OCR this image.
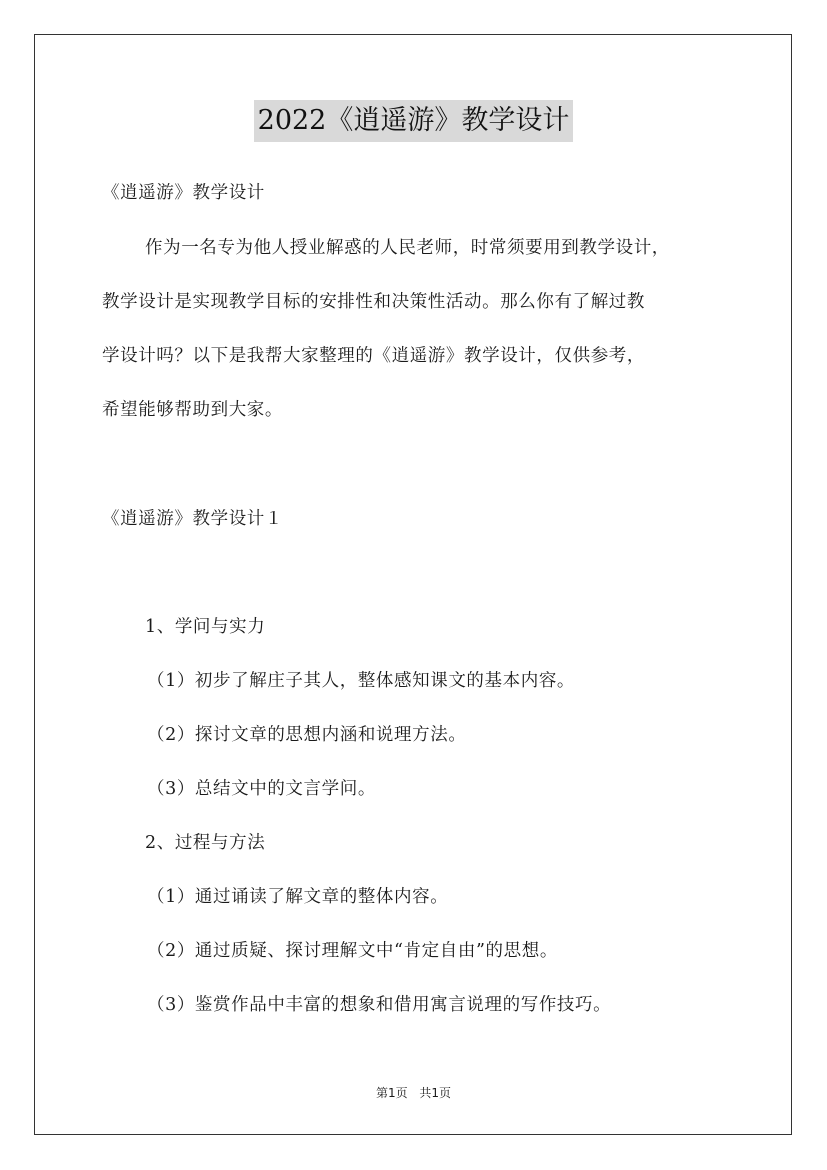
2022《逍遥游》教学设计
《逍遥游》教学设计
作为一名专为他人授业解惑的人民老师，时常须要用到教学设计，
教学设计是实现教学目标的安排性和决策性活动。那么你有了解过教
学设计吗？以下是我帮大家整理的《逍遥游》教学设计，仅供参考，
希望能够帮助到大家。
《逍遥游》教学设计１
1、学问与实力
（1）初步了解庄子其人，整体感知课文的基本内容。
（2）探讨文章的思想内涵和说理方法。
（3）总结文中的文言学问。
2、过程与方法
（1）通过诵读了解文章的整体内容。
（2）通过质疑、探讨理解文中“肯定自由”的思想。
（3）鉴赏作品中丰富的想象和借用寓言说理的写作技巧。
第1页 共1页
